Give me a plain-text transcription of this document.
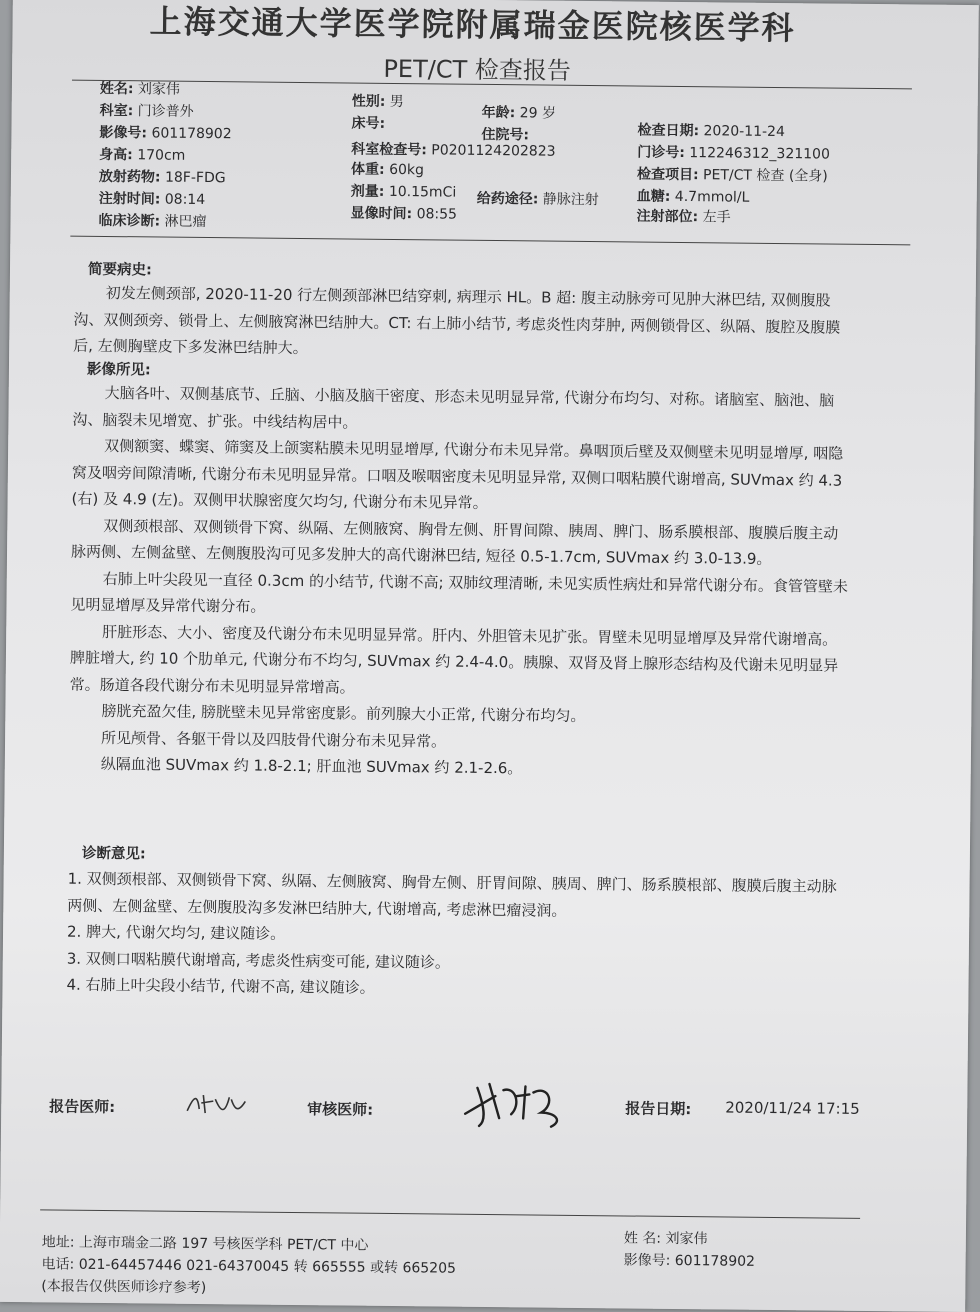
上海交通大学医学院附属瑞金医院核医学科
PET/CT 检查报告
姓名: 刘家伟
科室: 门诊普外
影像号: 601178902
身高: 170cm
放射药物: 18F-FDG
注射时间: 08:14
临床诊断: 淋巴瘤
性别: 男
年龄: 29 岁
床号:
住院号:
科室检查号: P0201124202823
体重: 60kg
剂量: 10.15mCi 给药途径: 静脉注射
显像时间: 08:55
检查日期: 2020-11-24
门诊号: 112246312_321100
检查项目: PET/CT 检查 (全身)
血糖: 4.7mmol/L
注射部位: 左手
简要病史:

初发左侧颈部, 2020-11-20 行左侧颈部淋巴结穿刺, 病理示 HL。B 超: 腹主动脉旁可见肿大淋巴结, 双侧腹股沟、双侧颈旁、锁骨上、左侧腋窝淋巴结肿大。CT: 右上肺小结节, 考虑炎性肉芽肿, 两侧锁骨区、纵隔、腹腔及腹膜后, 左侧胸壁皮下多发淋巴结肿大。

影像所见:

大脑各叶、双侧基底节、丘脑、小脑及脑干密度、形态未见明显异常, 代谢分布均匀、对称。诸脑室、脑池、脑沟、脑裂未见增宽、扩张。中线结构居中。

双侧额窦、蝶窦、筛窦及上颌窦粘膜未见明显增厚, 代谢分布未见异常。鼻咽顶后壁及双侧壁未见明显增厚, 咽隐窝及咽旁间隙清晰, 代谢分布未见明显异常。口咽及喉咽密度未见明显异常, 双侧口咽粘膜代谢增高, SUVmax 约 4.3 (右) 及 4.9 (左)。双侧甲状腺密度欠均匀, 代谢分布未见异常。

双侧颈根部、双侧锁骨下窝、纵隔、左侧腋窝、胸骨左侧、肝胃间隙、胰周、脾门、肠系膜根部、腹膜后腹主动脉两侧、左侧盆壁、左侧腹股沟可见多发肿大的高代谢淋巴结, 短径 0.5-1.7cm, SUVmax 约 3.0-13.9。

右肺上叶尖段见一直径 0.3cm 的小结节, 代谢不高; 双肺纹理清晰, 未见实质性病灶和异常代谢分布。食管管壁未见明显增厚及异常代谢分布。

肝脏形态、大小、密度及代谢分布未见明显异常。肝内、外胆管未见扩张。胃壁未见明显增厚及异常代谢增高。脾脏增大, 约 10 个肋单元, 代谢分布不均匀, SUVmax 约 2.4-4.0。胰腺、双肾及肾上腺形态结构及代谢未见明显异常。肠道各段代谢分布未见明显异常增高。

膀胱充盈欠佳, 膀胱壁未见异常密度影。前列腺大小正常, 代谢分布均匀。

所见颅骨、各躯干骨以及四肢骨代谢分布未见异常。

纵隔血池 SUVmax 约 1.8-2.1; 肝血池 SUVmax 约 2.1-2.6。

诊断意见:

1. 双侧颈根部、双侧锁骨下窝、纵隔、左侧腋窝、胸骨左侧、肝胃间隙、胰周、脾门、肠系膜根部、腹膜后腹主动脉两侧、左侧盆壁、左侧腹股沟多发淋巴结肿大, 代谢增高, 考虑淋巴瘤浸润。

2. 脾大, 代谢欠均匀, 建议随诊。

3. 双侧口咽粘膜代谢增高, 考虑炎性病变可能, 建议随诊。

4. 右肺上叶尖段小结节, 代谢不高, 建议随诊。

报告医师:	审核医师:	报告日期: 2020/11/24 17:15
地址: 上海市瑞金二路 197 号核医学科 PET/CT 中心
电话: 021-64457446 021-64370045 转 665555 或转 665205
(本报告仅供医师诊疗参考)
姓 名: 刘家伟
影像号: 601178902
